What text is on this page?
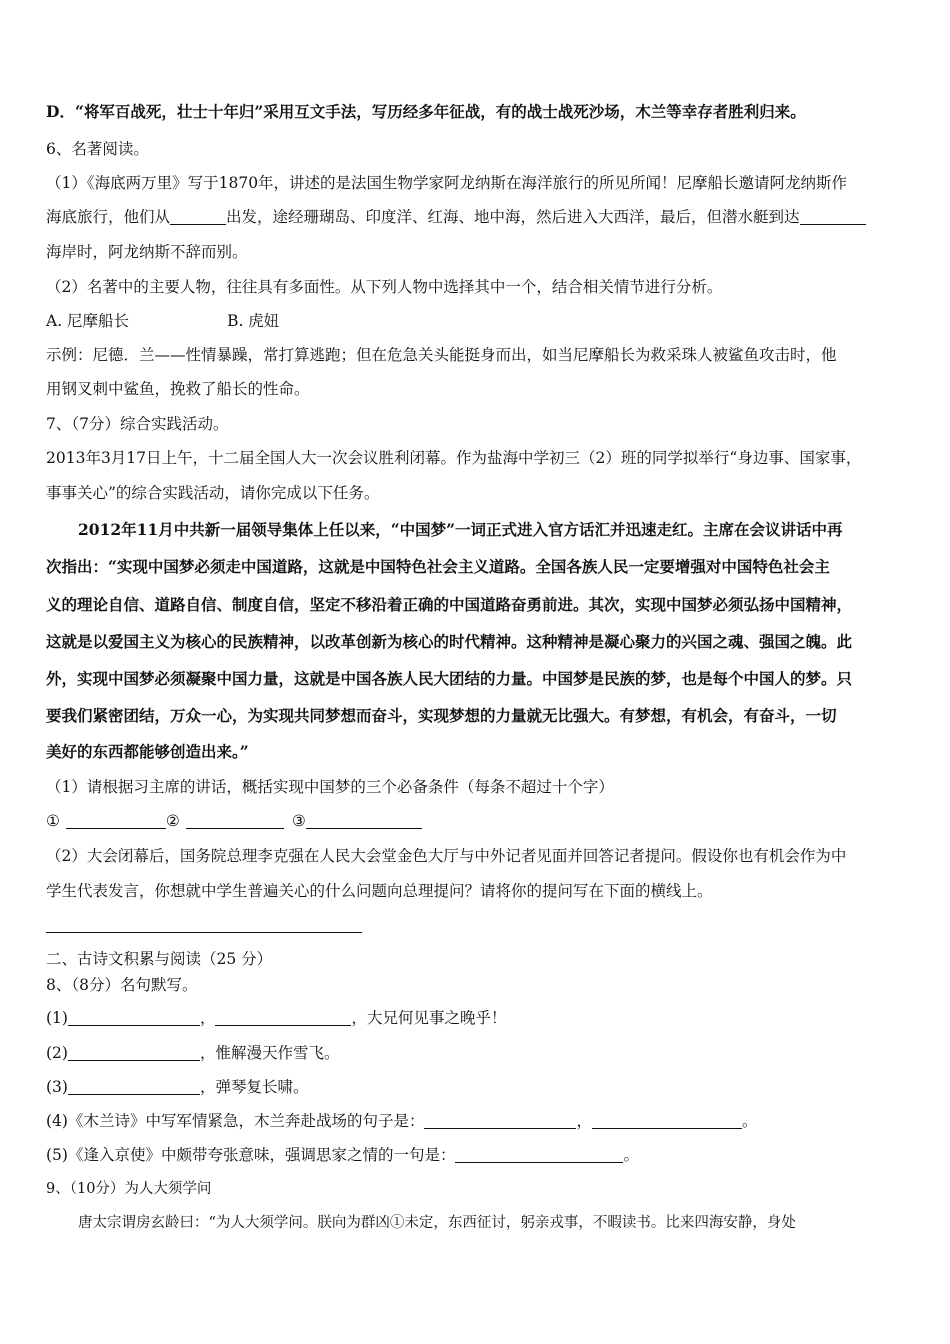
D．“将军百战死，壮士十年归”采用互文手法，写历经多年征战，有的战士战死沙场，木兰等幸存者胜利归来。
6、名著阅读。
（1）《海底两万里》写于1870年，讲述的是法国生物学家阿龙纳斯在海洋旅行的所见所闻！尼摩船长邀请阿龙纳斯作
海底旅行，他们从	出发，途经珊瑚岛、印度洋、红海、地中海，然后进入大西洋，最后，但潜水艇到达
海岸时，阿龙纳斯不辞而别。
（2）名著中的主要人物，往往具有多面性。从下列人物中选择其中一个，结合相关情节进行分析。
A. 尼摩船长	B. 虎妞
示例：尼德．兰——性情暴躁，常打算逃跑；但在危急关头能挺身而出，如当尼摩船长为救采珠人被鲨鱼攻击时，他
用钢叉刺中鲨鱼，挽救了船长的性命。
7、（7分）综合实践活动。
2013年3月17日上午，十二届全国人大一次会议胜利闭幕。作为盐海中学初三（2）班的同学拟举行“身边事、国家事，
事事关心”的综合实践活动，请你完成以下任务。
2012年11月中共新一届领导集体上任以来，“中国梦”一词正式进入官方话汇并迅速走红。主席在会议讲话中再
次指出：“实现中国梦必须走中国道路，这就是中国特色社会主义道路。全国各族人民一定要增强对中国特色社会主
义的理论自信、道路自信、制度自信，坚定不移沿着正确的中国道路奋勇前进。其次，实现中国梦必须弘扬中国精神，
这就是以爱国主义为核心的民族精神，以改革创新为核心的时代精神。这种精神是凝心聚力的兴国之魂、强国之魄。此
外，实现中国梦必须凝聚中国力量，这就是中国各族人民大团结的力量。中国梦是民族的梦，也是每个中国人的梦。只
要我们紧密团结，万众一心，为实现共同梦想而奋斗，实现梦想的力量就无比强大。有梦想，有机会，有奋斗，一切
美好的东西都能够创造出来。”
（1）请根据习主席的讲话，概括实现中国梦的三个必备条件（每条不超过十个字）
①	②	③
（2）大会闭幕后，国务院总理李克强在人民大会堂金色大厅与中外记者见面并回答记者提问。假设你也有机会作为中
学生代表发言，你想就中学生普遍关心的什么问题向总理提问？请将你的提问写在下面的横线上。
二、古诗文积累与阅读（25 分）
8、（8分）名句默写。
(1)	，	，大兄何见事之晚乎！
(2)	，惟解漫天作雪飞。
(3)	，弹琴复长啸。
(4)《木兰诗》中写军情紧急，木兰奔赴战场的句子是：	，	。
(5)《逢入京使》中颇带夸张意味，强调思家之情的一句是：	。
9、（10分）为人大须学问
唐太宗谓房玄龄曰：“为人大须学问。朕向为群凶①未定，东西征讨，躬亲戎事，不暇读书。比来四海安静，身处
